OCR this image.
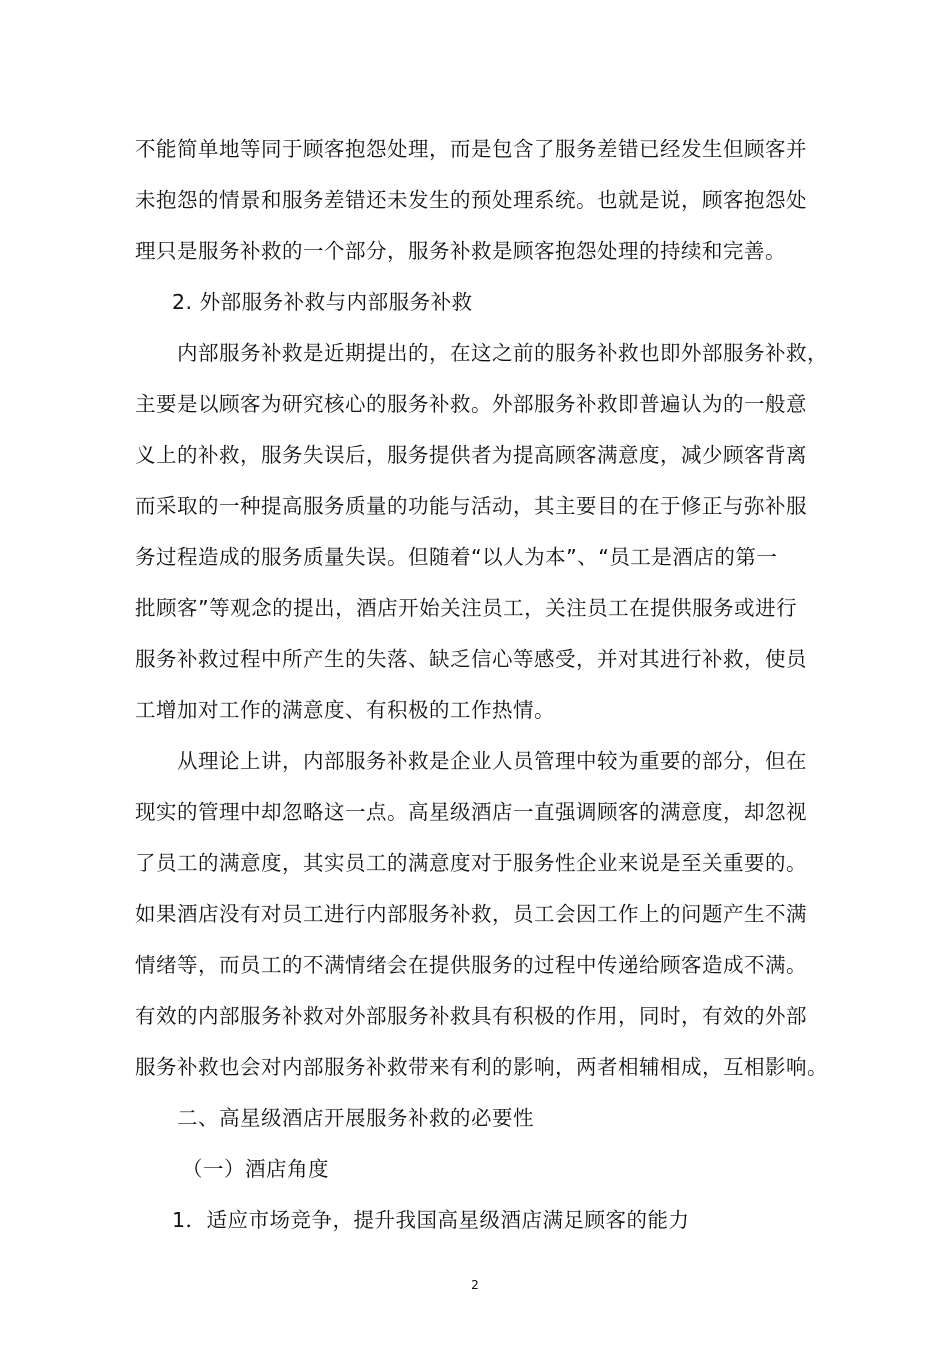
不能简单地等同于顾客抱怨处理，而是包含了服务差错已经发生但顾客并
未抱怨的情景和服务差错还未发生的预处理系统。也就是说，顾客抱怨处
理只是服务补救的一个部分，服务补救是顾客抱怨处理的持续和完善。
2. 外部服务补救与内部服务补救
内部服务补救是近期提出的，在这之前的服务补救也即外部服务补救，
主要是以顾客为研究核心的服务补救。外部服务补救即普遍认为的一般意
义上的补救，服务失误后，服务提供者为提高顾客满意度，减少顾客背离
而采取的一种提高服务质量的功能与活动，其主要目的在于修正与弥补服
务过程造成的服务质量失误。但随着“以人为本”、“员工是酒店的第一
批顾客”等观念的提出，酒店开始关注员工，关注员工在提供服务或进行
服务补救过程中所产生的失落、缺乏信心等感受，并对其进行补救，使员
工增加对工作的满意度、有积极的工作热情。
从理论上讲，内部服务补救是企业人员管理中较为重要的部分，但在
现实的管理中却忽略这一点。高星级酒店一直强调顾客的满意度，却忽视
了员工的满意度，其实员工的满意度对于服务性企业来说是至关重要的。
如果酒店没有对员工进行内部服务补救，员工会因工作上的问题产生不满
情绪等，而员工的不满情绪会在提供服务的过程中传递给顾客造成不满。
有效的内部服务补救对外部服务补救具有积极的作用，同时，有效的外部
服务补救也会对内部服务补救带来有利的影响，两者相辅相成，互相影响。
二、高星级酒店开展服务补救的必要性
（一）酒店角度
1．适应市场竞争，提升我国高星级酒店满足顾客的能力
2
